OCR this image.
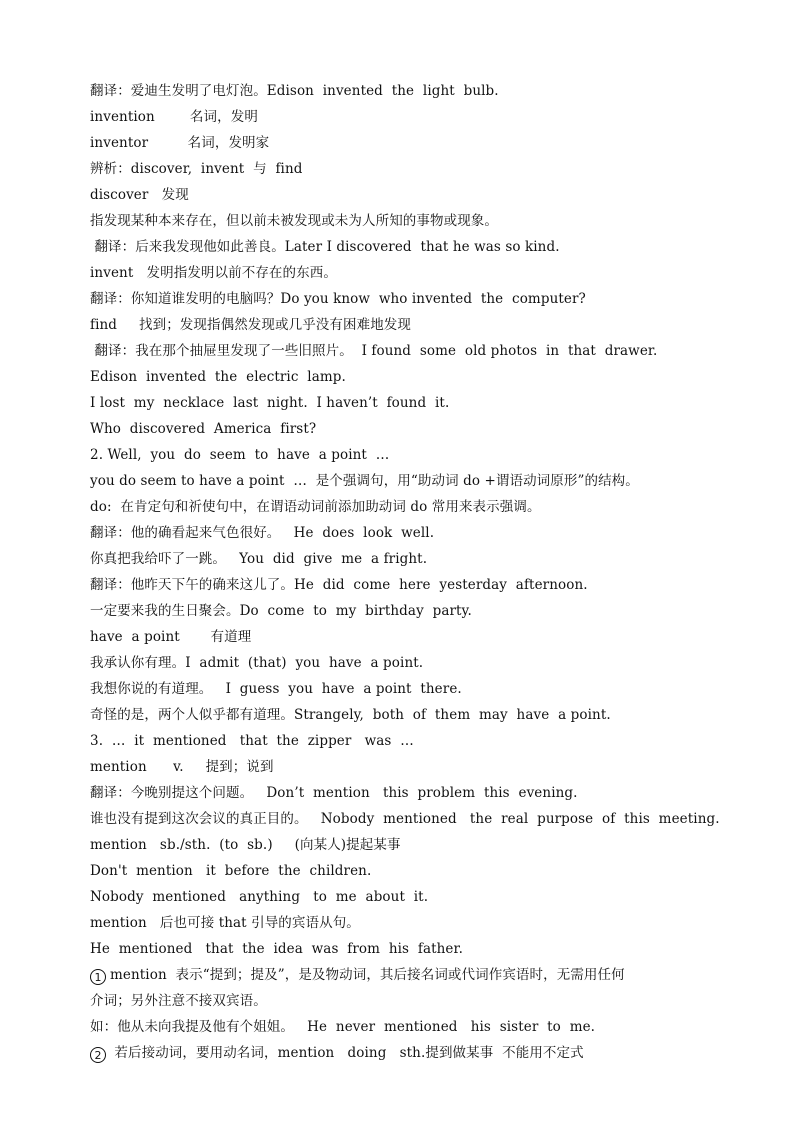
翻译：爱迪生发明了电灯泡。Edison  invented  the  light  bulb.
invention        名词，发明
inventor         名词，发明家
辨析：discover,  invent  与  find
discover   发现
指发现某种本来存在，但以前未被发现或未为人所知的事物或现象。
翻译：后来我发现他如此善良。Later I discovered  that he was so kind.
invent   发明指发明以前不存在的东西。
翻译：你知道谁发明的电脑吗？Do you know  who invented  the  computer?
find     找到；发现指偶然发现或几乎没有困难地发现
翻译：我在那个抽屉里发现了一些旧照片。  I found  some  old photos  in  that  drawer.
Edison  invented  the  electric  lamp.
I lost  my  necklace  last  night.  I haven’t  found  it.
Who  discovered  America  first?
2. Well,  you  do  seem  to  have  a point  …
you do seem to have a point  …  是个强调句，用“助动词 do +谓语动词原形”的结构。
do:  在肯定句和祈使句中，在谓语动词前添加助动词 do 常用来表示强调。
翻译：他的确看起来气色很好。   He  does  look  well.
你真把我给吓了一跳。   You  did  give  me  a fright.
翻译：他昨天下午的确来这儿了。He  did  come  here  yesterday  afternoon.
一定要来我的生日聚会。Do  come  to  my  birthday  party.
have  a point       有道理
我承认你有理。I  admit  (that)  you  have  a point.
我想你说的有道理。   I  guess  you  have  a point  there.
奇怪的是，两个人似乎都有道理。Strangely,  both  of  them  may  have  a point.
3.  …  it  mentioned   that  the  zipper   was  …
mention      v.     提到；说到
翻译：今晚别提这个问题。   Don’t  mention   this  problem  this  evening.
谁也没有提到这次会议的真正目的。   Nobody  mentioned   the  real  purpose  of  this  meeting.
mention   sb./sth.  (to  sb.)     (向某人)提起某事
Don't  mention   it  before  the  children.
Nobody  mentioned   anything   to  me  about  it.
mention   后也可接 that 引导的宾语从句。
He  mentioned   that  the  idea  was  from  his  father.
1 mention  表示“提到；提及”，是及物动词，其后接名词或代词作宾语时，无需用任何
介词；另外注意不接双宾语。
如：他从未向我提及他有个姐姐。   He  never  mentioned   his  sister  to  me.
2 若后接动词，要用动名词，mention   doing   sth.提到做某事  不能用不定式
